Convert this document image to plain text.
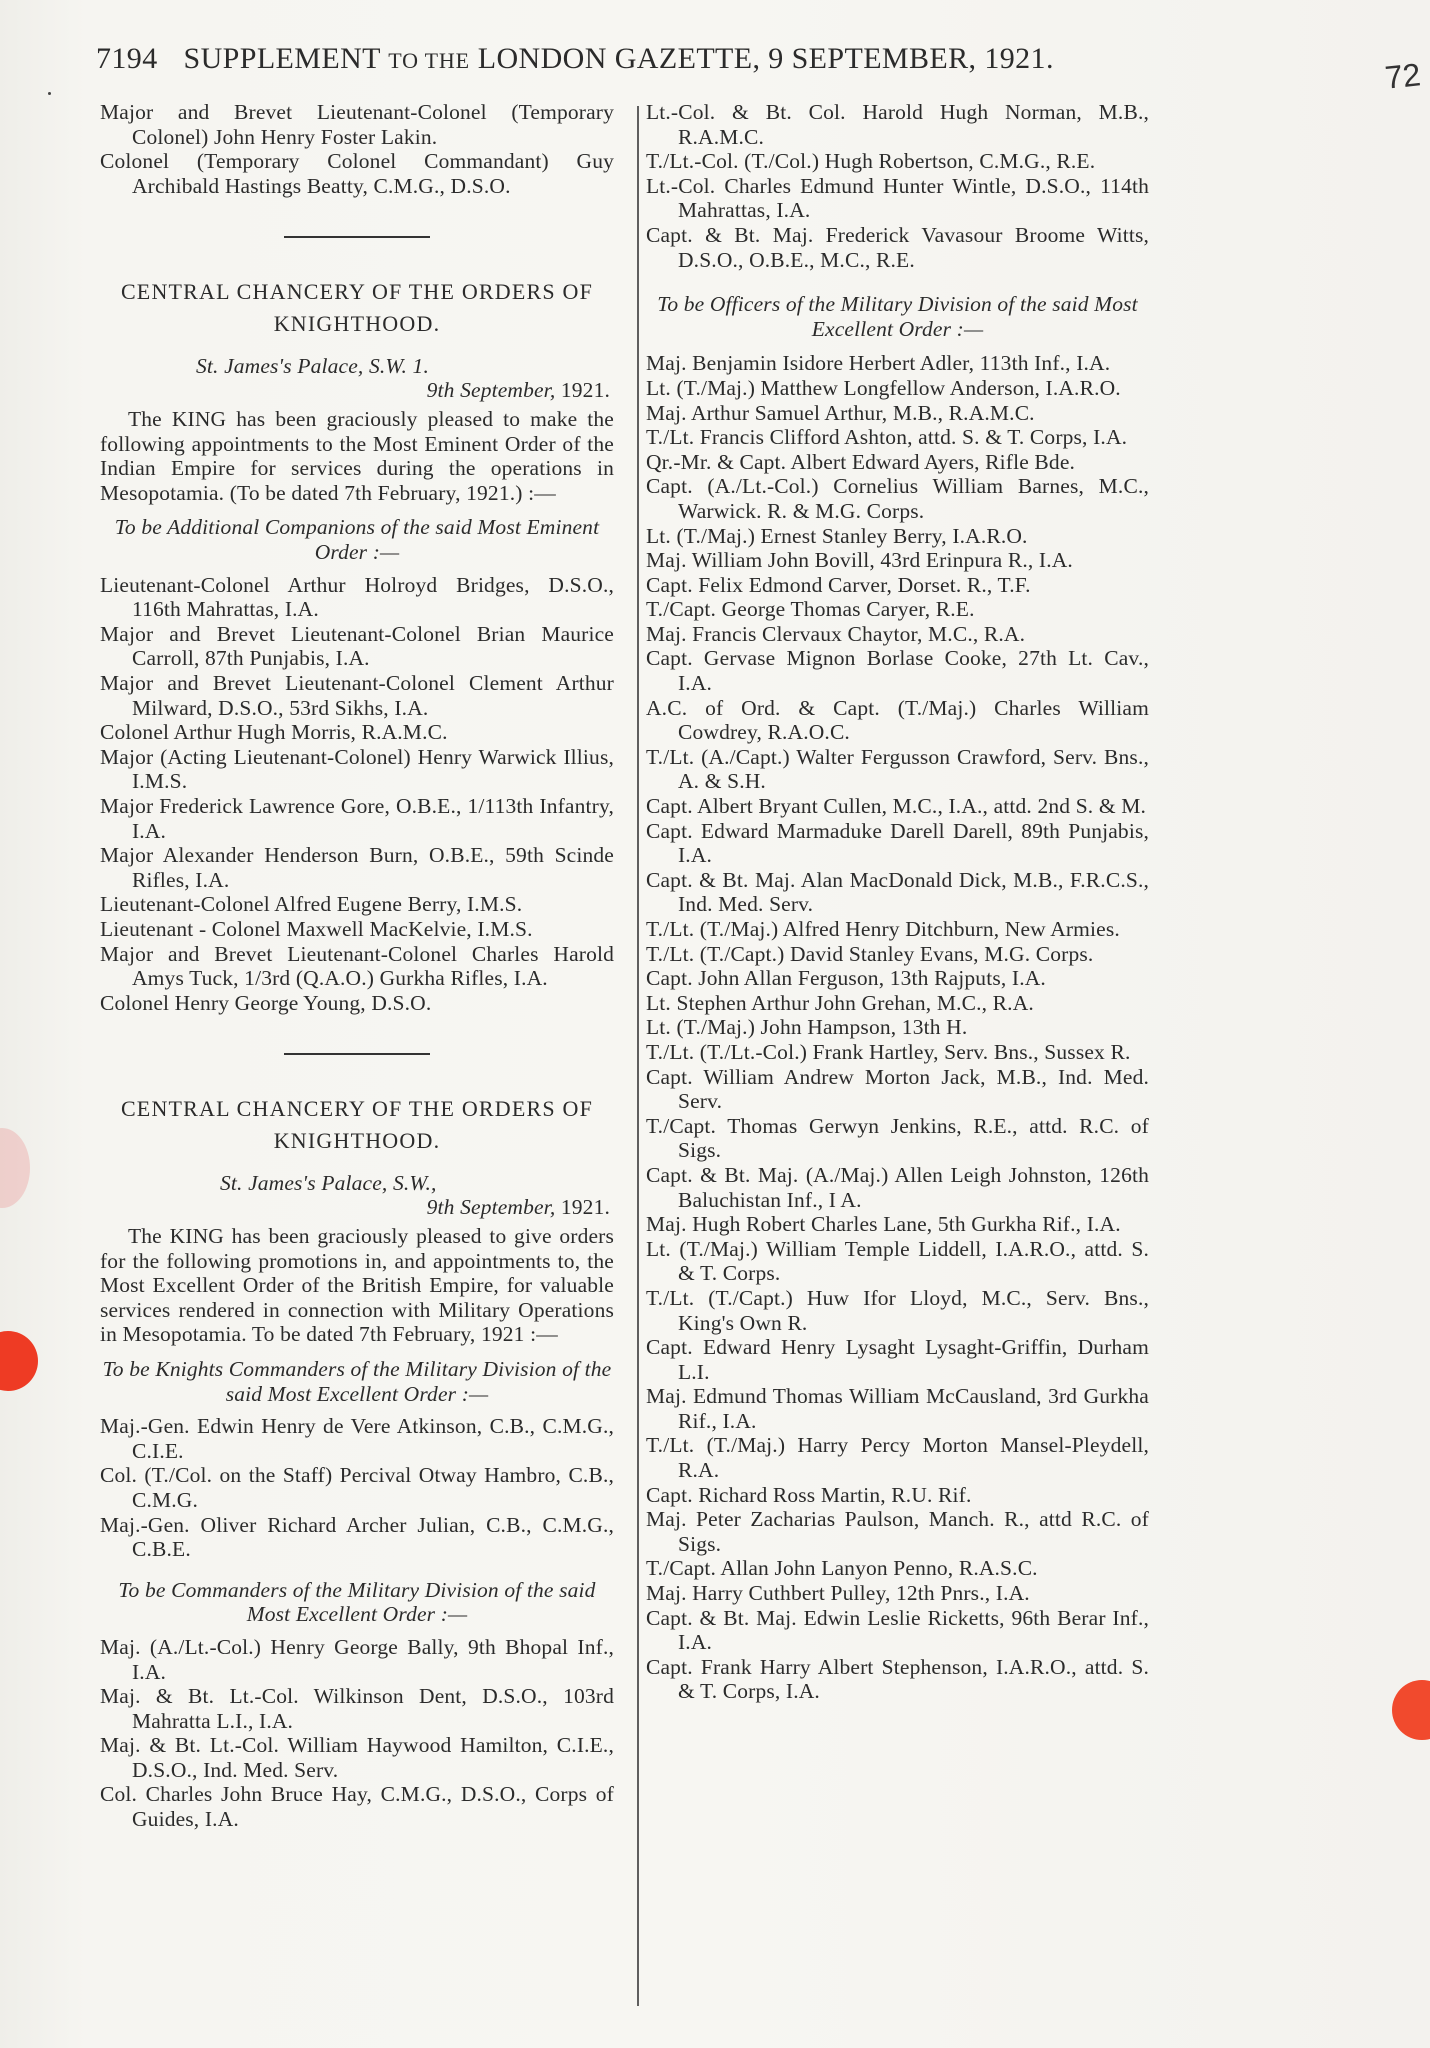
7194 SUPPLEMENT TO THE LONDON GAZETTE, 9 SEPTEMBER, 1921.	72

Major and Brevet Lieutenant-Colonel (Temporary Colonel) John Henry Foster Lakin.

Colonel (Temporary Colonel Commandant) Guy Archibald Hastings Beatty, C.M.G., D.S.O.

CENTRAL CHANCERY OF THE ORDERS OF KNIGHTHOOD.
St. James's Palace, S.W. 1.
9th September, 1921.
The KING has been graciously pleased to make the following appointments to the Most Eminent Order of the Indian Empire for services during the operations in Mesopotamia. (To be dated 7th February, 1921.) :—
To be Additional Companions of the said Most Eminent Order :—

Lieutenant-Colonel Arthur Holroyd Bridges, D.S.O., 116th Mahrattas, I.A.

Major and Brevet Lieutenant-Colonel Brian Maurice Carroll, 87th Punjabis, I.A.

Major and Brevet Lieutenant-Colonel Clement Arthur Milward, D.S.O., 53rd Sikhs, I.A.

Colonel Arthur Hugh Morris, R.A.M.C.

Major (Acting Lieutenant-Colonel) Henry Warwick Illius, I.M.S.

Major Frederick Lawrence Gore, O.B.E., 1/113th Infantry, I.A.

Major Alexander Henderson Burn, O.B.E., 59th Scinde Rifles, I.A.

Lieutenant-Colonel Alfred Eugene Berry, I.M.S.

Lieutenant - Colonel Maxwell MacKelvie, I.M.S.

Major and Brevet Lieutenant-Colonel Charles Harold Amys Tuck, 1/3rd (Q.A.O.) Gurkha Rifles, I.A.

Colonel Henry George Young, D.S.O.

CENTRAL CHANCERY OF THE ORDERS OF KNIGHTHOOD.
St. James's Palace, S.W.,
9th September, 1921.
The KING has been graciously pleased to give orders for the following promotions in, and appointments to, the Most Excellent Order of the British Empire, for valuable services rendered in connection with Military Operations in Mesopotamia. To be dated 7th February, 1921 :—
To be Knights Commanders of the Military Division of the said Most Excellent Order :—

Maj.-Gen. Edwin Henry de Vere Atkinson, C.B., C.M.G., C.I.E.

Col. (T./Col. on the Staff) Percival Otway Hambro, C.B., C.M.G.

Maj.-Gen. Oliver Richard Archer Julian, C.B., C.M.G., C.B.E.

To be Commanders of the Military Division of the said Most Excellent Order :—

Maj. (A./Lt.-Col.) Henry George Bally, 9th Bhopal Inf., I.A.

Maj. & Bt. Lt.-Col. Wilkinson Dent, D.S.O., 103rd Mahratta L.I., I.A.

Maj. & Bt. Lt.-Col. William Haywood Hamilton, C.I.E., D.S.O., Ind. Med. Serv.

Col. Charles John Bruce Hay, C.M.G., D.S.O., Corps of Guides, I.A.

Lt.-Col. & Bt. Col. Harold Hugh Norman, M.B., R.A.M.C.

T./Lt.-Col. (T./Col.) Hugh Robertson, C.M.G., R.E.

Lt.-Col. Charles Edmund Hunter Wintle, D.S.O., 114th Mahrattas, I.A.

Capt. & Bt. Maj. Frederick Vavasour Broome Witts, D.S.O., O.B.E., M.C., R.E.

To be Officers of the Military Division of the said Most Excellent Order :—

Maj. Benjamin Isidore Herbert Adler, 113th Inf., I.A.

Lt. (T./Maj.) Matthew Longfellow Anderson, I.A.R.O.

Maj. Arthur Samuel Arthur, M.B., R.A.M.C.

T./Lt. Francis Clifford Ashton, attd. S. & T. Corps, I.A.

Qr.-Mr. & Capt. Albert Edward Ayers, Rifle Bde.

Capt. (A./Lt.-Col.) Cornelius William Barnes, M.C., Warwick. R. & M.G. Corps.

Lt. (T./Maj.) Ernest Stanley Berry, I.A.R.O.

Maj. William John Bovill, 43rd Erinpura R., I.A.

Capt. Felix Edmond Carver, Dorset. R., T.F.

T./Capt. George Thomas Caryer, R.E.

Maj. Francis Clervaux Chaytor, M.C., R.A.

Capt. Gervase Mignon Borlase Cooke, 27th Lt. Cav., I.A.

A.C. of Ord. & Capt. (T./Maj.) Charles William Cowdrey, R.A.O.C.

T./Lt. (A./Capt.) Walter Fergusson Crawford, Serv. Bns., A. & S.H.

Capt. Albert Bryant Cullen, M.C., I.A., attd. 2nd S. & M.

Capt. Edward Marmaduke Darell Darell, 89th Punjabis, I.A.

Capt. & Bt. Maj. Alan MacDonald Dick, M.B., F.R.C.S., Ind. Med. Serv.

T./Lt. (T./Maj.) Alfred Henry Ditchburn, New Armies.

T./Lt. (T./Capt.) David Stanley Evans, M.G. Corps.

Capt. John Allan Ferguson, 13th Rajputs, I.A.

Lt. Stephen Arthur John Grehan, M.C., R.A.

Lt. (T./Maj.) John Hampson, 13th H.

T./Lt. (T./Lt.-Col.) Frank Hartley, Serv. Bns., Sussex R.

Capt. William Andrew Morton Jack, M.B., Ind. Med. Serv.

T./Capt. Thomas Gerwyn Jenkins, R.E., attd. R.C. of Sigs.

Capt. & Bt. Maj. (A./Maj.) Allen Leigh Johnston, 126th Baluchistan Inf., I A.

Maj. Hugh Robert Charles Lane, 5th Gurkha Rif., I.A.

Lt. (T./Maj.) William Temple Liddell, I.A.R.O., attd. S. & T. Corps.

T./Lt. (T./Capt.) Huw Ifor Lloyd, M.C., Serv. Bns., King's Own R.

Capt. Edward Henry Lysaght Lysaght-Griffin, Durham L.I.

Maj. Edmund Thomas William McCausland, 3rd Gurkha Rif., I.A.

T./Lt. (T./Maj.) Harry Percy Morton Mansel-Pleydell, R.A.

Capt. Richard Ross Martin, R.U. Rif.

Maj. Peter Zacharias Paulson, Manch. R., attd R.C. of Sigs.

T./Capt. Allan John Lanyon Penno, R.A.S.C.

Maj. Harry Cuthbert Pulley, 12th Pnrs., I.A.

Capt. & Bt. Maj. Edwin Leslie Ricketts, 96th Berar Inf., I.A.

Capt. Frank Harry Albert Stephenson, I.A.R.O., attd. S. & T. Corps, I.A.
